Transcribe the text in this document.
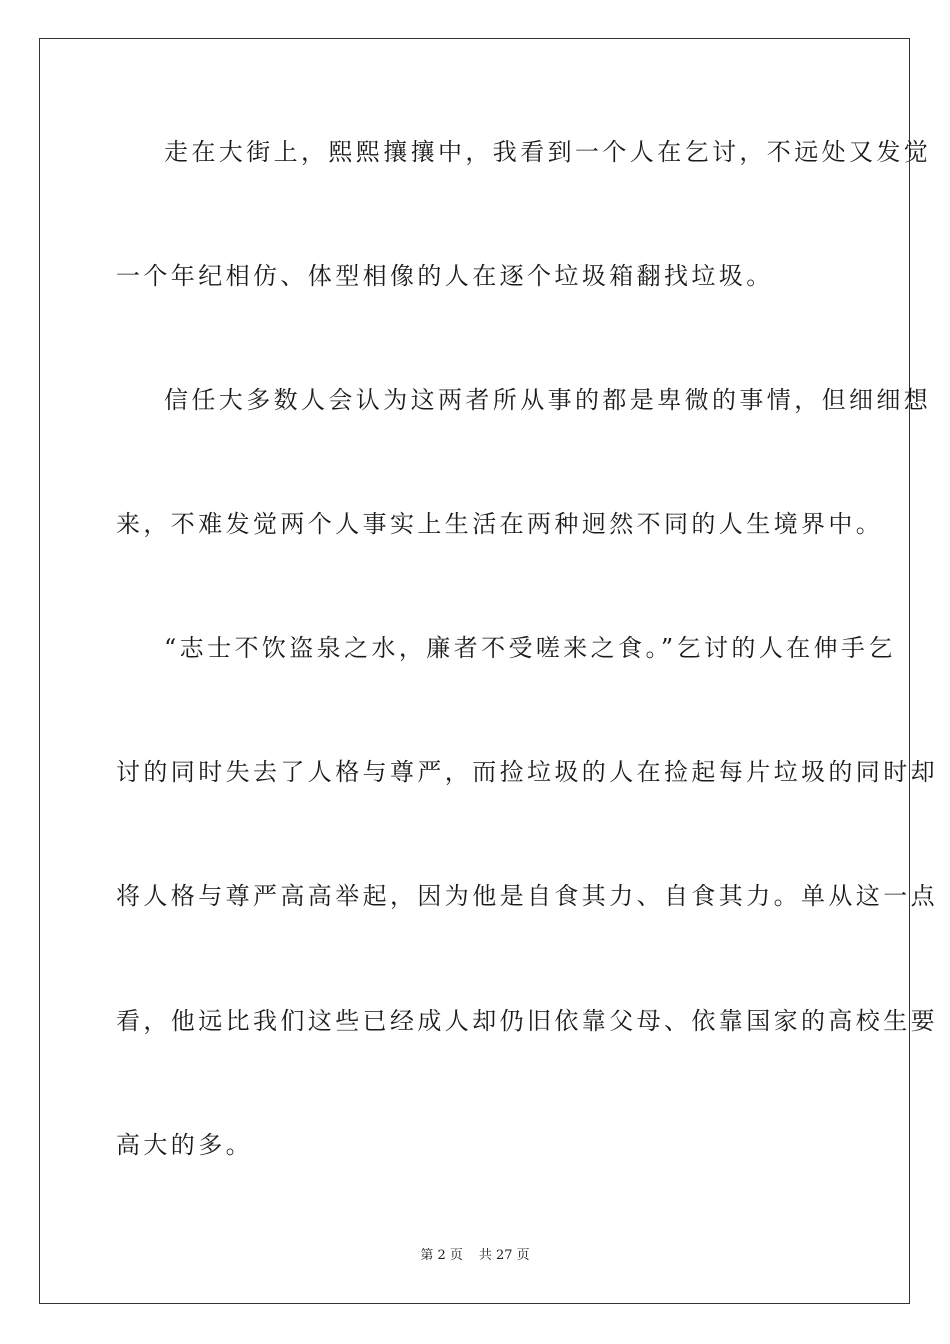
走在大街上，熙熙攘攘中，我看到一个人在乞讨，不远处又发觉
一个年纪相仿、体型相像的人在逐个垃圾箱翻找垃圾。
信任大多数人会认为这两者所从事的都是卑微的事情，但细细想
来，不难发觉两个人事实上生活在两种迥然不同的人生境界中。
“志士不饮盗泉之水，廉者不受嗟来之食。”乞讨的人在伸手乞
讨的同时失去了人格与尊严，而捡垃圾的人在捡起每片垃圾的同时却
将人格与尊严高高举起，因为他是自食其力、自食其力。单从这一点
看，他远比我们这些已经成人却仍旧依靠父母、依靠国家的高校生要
高大的多。
第 2 页 共 27 页
